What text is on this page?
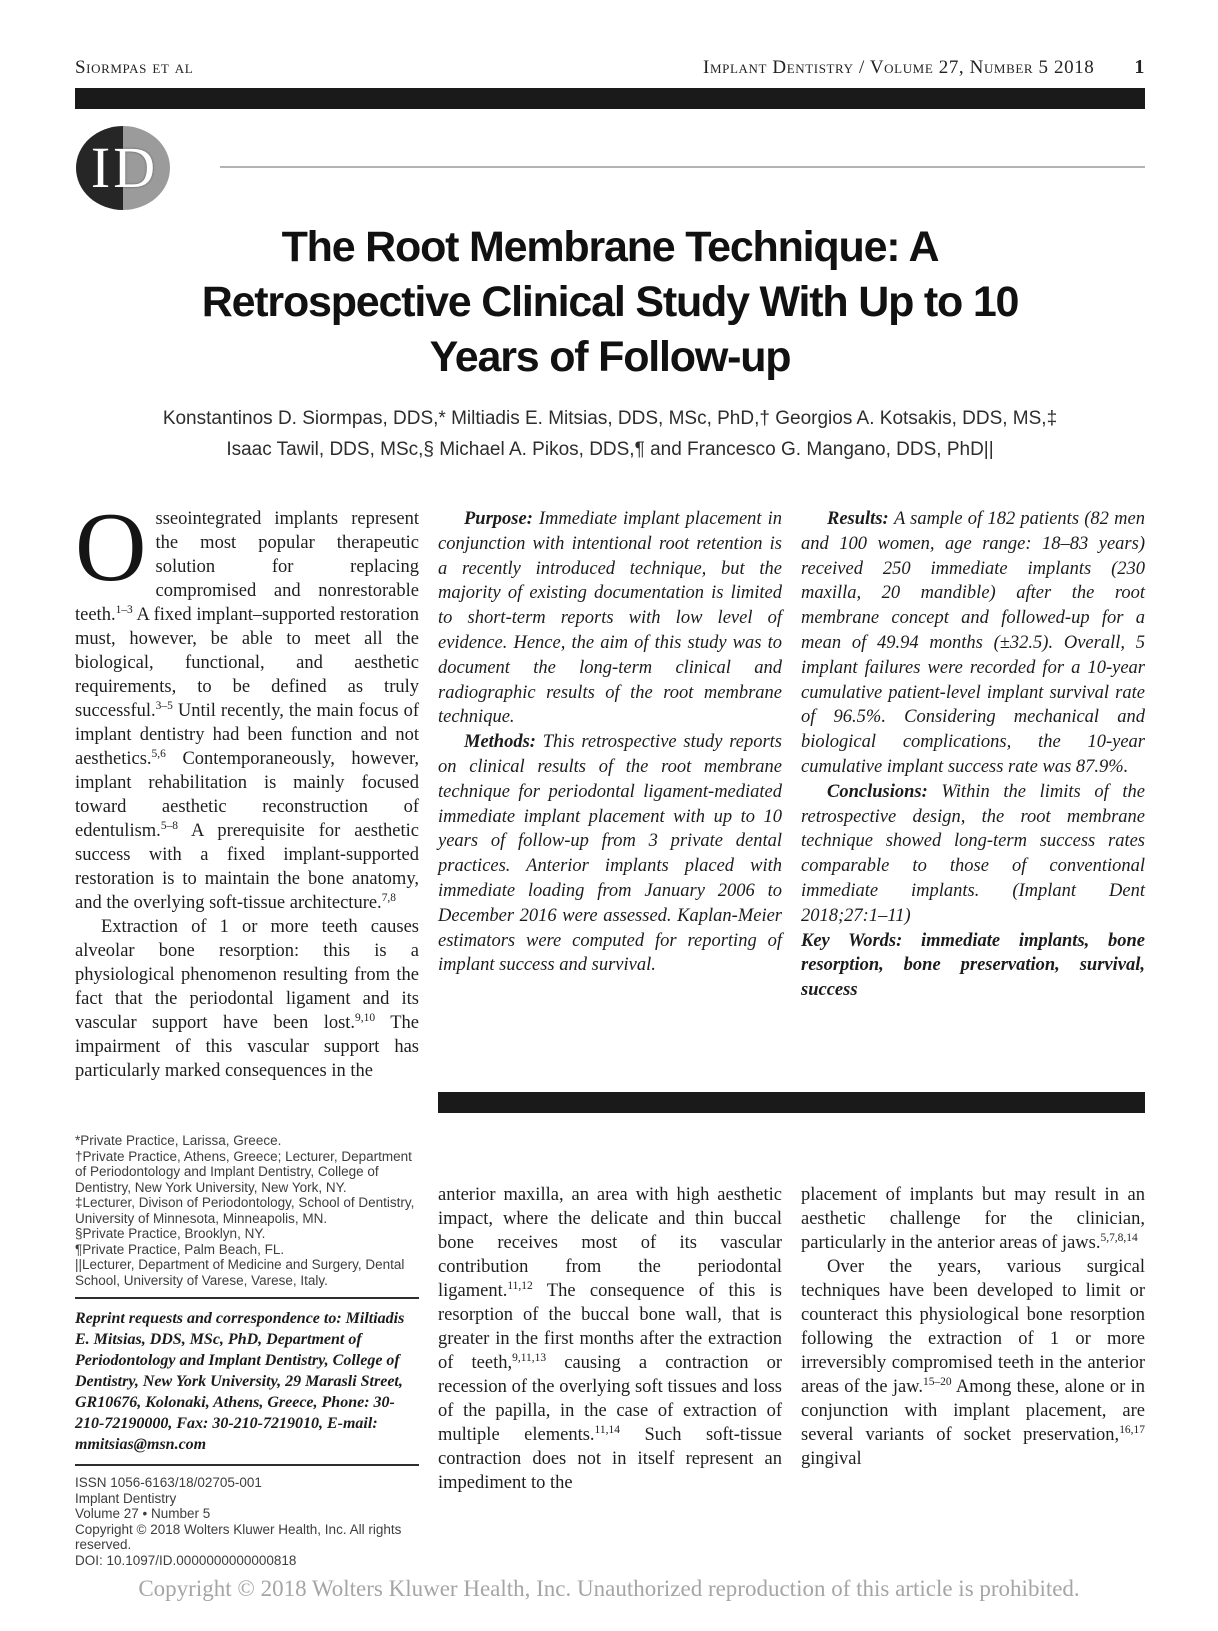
Siormpas et al	Implant Dentistry / Volume 27, Number 5 2018 1
I D
The Root Membrane Technique: A
Retrospective Clinical Study With Up to 10
Years of Follow-up
Konstantinos D. Siormpas, DDS,* Miltiadis E. Mitsias, DDS, MSc, PhD,† Georgios A. Kotsakis, DDS, MS,‡
Isaac Tawil, DDS, MSc,§ Michael A. Pikos, DDS,¶ and Francesco G. Mangano, DDS, PhD||

Osseointegrated implants represent the most popular therapeutic solution for replacing compromised and nonrestorable teeth.$^{1-3}$ A fixed implant–supported restoration must, however, be able to meet all the biological, functional, and aesthetic requirements, to be defined as truly successful.$^{3-5}$ Until recently, the main focus of implant dentistry had been function and not aesthetics.$^{5,6}$ Contemporaneously, however, implant rehabilitation is mainly focused toward aesthetic reconstruction of edentulism.$^{5-8}$ A prerequisite for aesthetic success with a fixed implant-supported restoration is to maintain the bone anatomy, and the overlying soft-tissue architecture.$^{7,8}$

Extraction of 1 or more teeth causes alveolar bone resorption: this is a physiological phenomenon resulting from the fact that the periodontal ligament and its vascular support have been lost.$^{9,10}$ The impairment of this vascular support has particularly marked consequences in the

Purpose: Immediate implant placement in conjunction with intentional root retention is a recently introduced technique, but the majority of existing documentation is limited to short-term reports with low level of evidence. Hence, the aim of this study was to document the long-term clinical and radiographic results of the root membrane technique.

Methods: This retrospective study reports on clinical results of the root membrane technique for periodontal ligament-mediated immediate implant placement with up to 10 years of follow-up from 3 private dental practices. Anterior implants placed with immediate loading from January 2006 to December 2016 were assessed. Kaplan-Meier estimators were computed for reporting of implant success and survival.

Results: A sample of 182 patients (82 men and 100 women, age range: 18–83 years) received 250 immediate implants (230 maxilla, 20 mandible) after the root membrane concept and followed-up for a mean of 49.94 months (±32.5). Overall, 5 implant failures were recorded for a 10-year cumulative patient-level implant survival rate of 96.5%. Considering mechanical and biological complications, the 10-year cumulative implant success rate was 87.9%.

Conclusions: Within the limits of the retrospective design, the root membrane technique showed long-term success rates comparable to those of conventional immediate implants. (Implant Dent 2018;27:1–11)

Key Words: immediate implants, bone resorption, bone preservation, survival, success

*Private Practice, Larissa, Greece.

†Private Practice, Athens, Greece; Lecturer, Department of Periodontology and Implant Dentistry, College of Dentistry, New York University, New York, NY.

‡Lecturer, Divison of Periodontology, School of Dentistry, University of Minnesota, Minneapolis, MN.

§Private Practice, Brooklyn, NY.

¶Private Practice, Palm Beach, FL.

||Lecturer, Department of Medicine and Surgery, Dental School, University of Varese, Varese, Italy.

Reprint requests and correspondence to: Miltiadis E. Mitsias, DDS, MSc, PhD, Department of Periodontology and Implant Dentistry, College of Dentistry, New York University, 29 Marasli Street, GR10676, Kolonaki, Athens, Greece, Phone: 30-210-72190000, Fax: 30-210-7219010, E-mail: mmitsias@msn.com

ISSN 1056-6163/18/02705-001

Implant Dentistry

Volume 27 • Number 5

Copyright © 2018 Wolters Kluwer Health, Inc. All rights reserved.

DOI: 10.1097/ID.0000000000000818

anterior maxilla, an area with high aesthetic impact, where the delicate and thin buccal bone receives most of its vascular contribution from the periodontal ligament.$^{11,12}$ The consequence of this is resorption of the buccal bone wall, that is greater in the first months after the extraction of teeth,$^{9,11,13}$ causing a contraction or recession of the overlying soft tissues and loss of the papilla, in the case of extraction of multiple elements.$^{11,14}$ Such soft-tissue contraction does not in itself represent an impediment to the

placement of implants but may result in an aesthetic challenge for the clinician, particularly in the anterior areas of jaws.$^{5,7,8,14}$

Over the years, various surgical techniques have been developed to limit or counteract this physiological bone resorption following the extraction of 1 or more irreversibly compromised teeth in the anterior areas of the jaw.$^{15-20}$ Among these, alone or in conjunction with implant placement, are several variants of socket preservation,$^{16,17}$ gingival

Copyright © 2018 Wolters Kluwer Health, Inc. Unauthorized reproduction of this article is prohibited.
